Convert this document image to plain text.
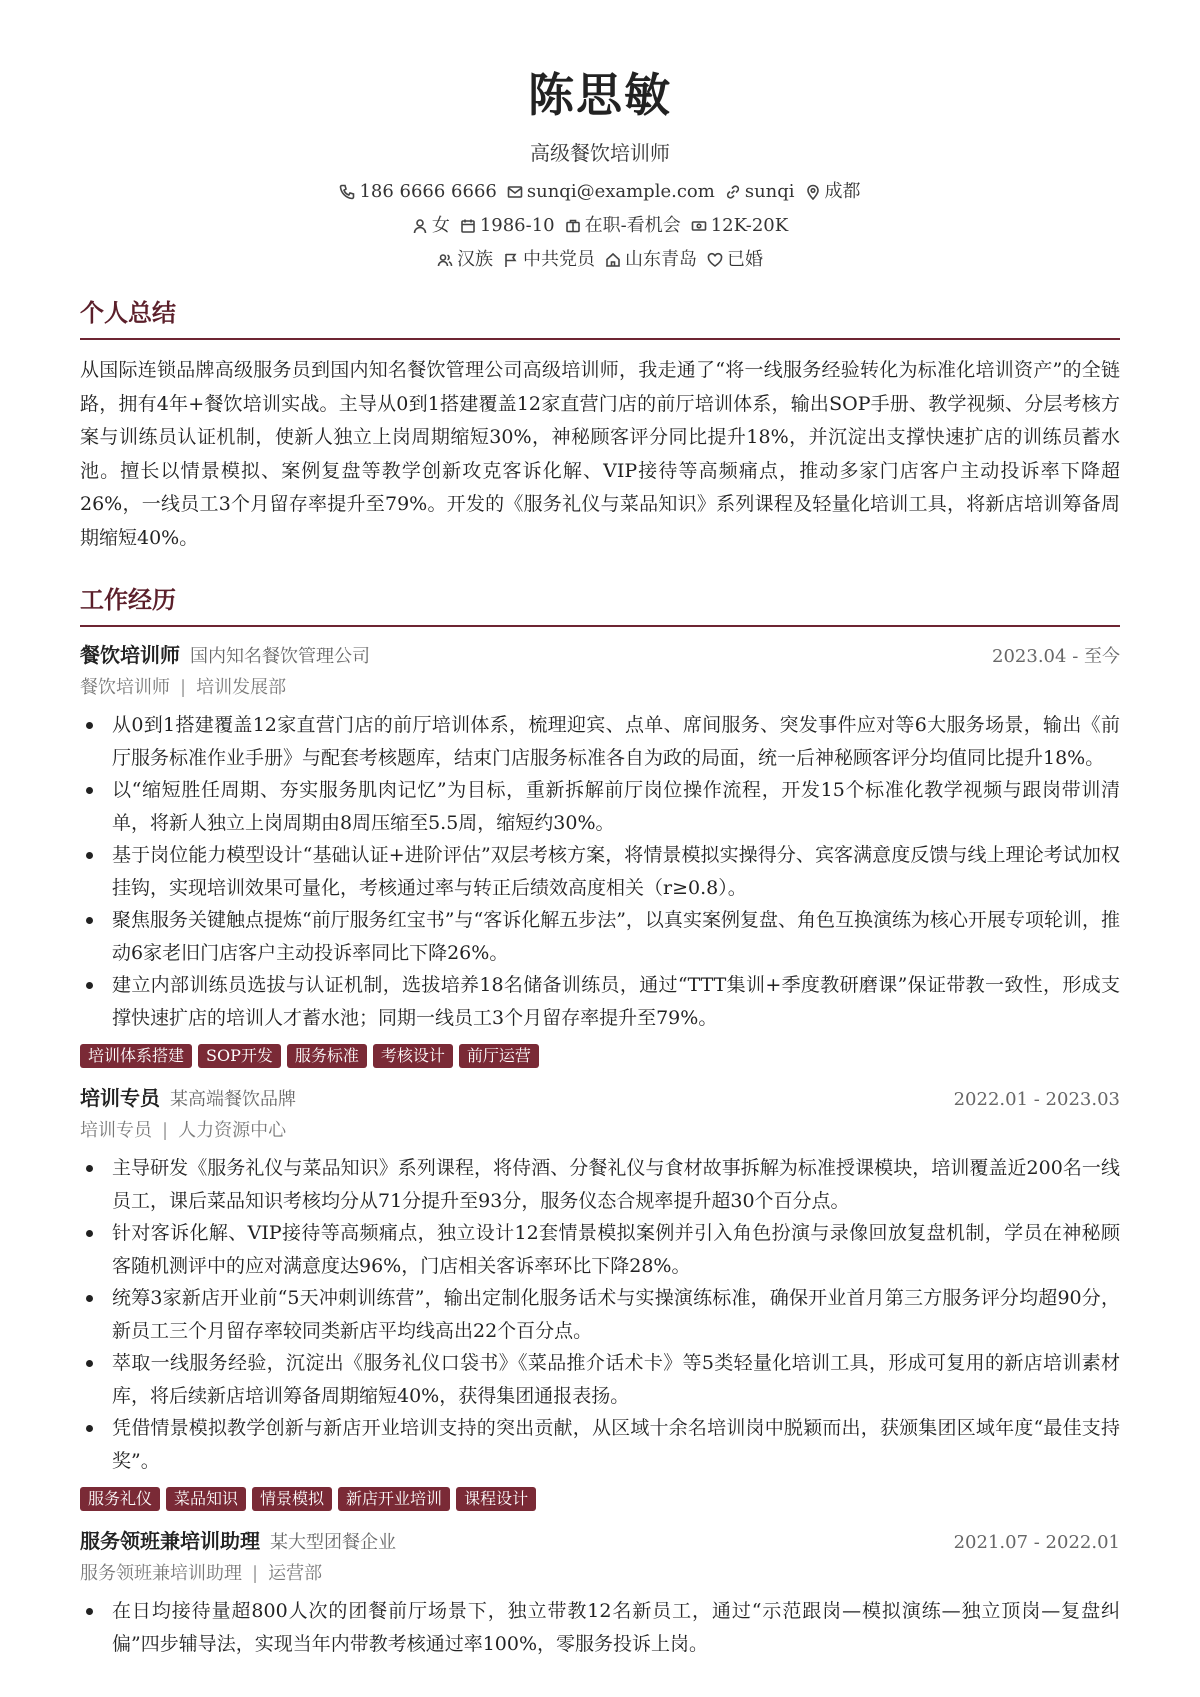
陈思敏
高级餐饮培训师
186 6666 6666 sunqi@example.com sunqi 成都
女 1986-10 在职-看机会 12K-20K
汉族 中共党员 山东青岛 已婚
个人总结

从国际连锁品牌高级服务员到国内知名餐饮管理公司高级培训师，我走通了“将一线服务经验转化为标准化培训资产”的全链路，拥有4年+餐饮培训实战。主导从0到1搭建覆盖12家直营门店的前厅培训体系，输出SOP手册、教学视频、分层考核方案与训练员认证机制，使新人独立上岗周期缩短30%，神秘顾客评分同比提升18%，并沉淀出支撑快速扩店的训练员蓄水池。擅长以情景模拟、案例复盘等教学创新攻克客诉化解、VIP接待等高频痛点，推动多家门店客户主动投诉率下降超26%，一线员工3个月留存率提升至79%。开发的《服务礼仪与菜品知识》系列课程及轻量化培训工具，将新店培训筹备周期缩短40%。

工作经历
餐饮培训师 国内知名餐饮管理公司	2023.04 - 至今
餐饮培训师 | 培训发展部
从0到1搭建覆盖12家直营门店的前厅培训体系，梳理迎宾、点单、席间服务、突发事件应对等6大服务场景，输出《前厅服务标准作业手册》与配套考核题库，结束门店服务标准各自为政的局面，统一后神秘顾客评分均值同比提升18%。
以“缩短胜任周期、夯实服务肌肉记忆”为目标，重新拆解前厅岗位操作流程，开发15个标准化教学视频与跟岗带训清单，将新人独立上岗周期由8周压缩至5.5周，缩短约30%。
基于岗位能力模型设计“基础认证+进阶评估”双层考核方案，将情景模拟实操得分、宾客满意度反馈与线上理论考试加权挂钩，实现培训效果可量化，考核通过率与转正后绩效高度相关（r≥0.8）。
聚焦服务关键触点提炼“前厅服务红宝书”与“客诉化解五步法”，以真实案例复盘、角色互换演练为核心开展专项轮训，推动6家老旧门店客户主动投诉率同比下降26%。
建立内部训练员选拔与认证机制，选拔培养18名储备训练员，通过“TTT集训+季度教研磨课”保证带教一致性，形成支撑快速扩店的培训人才蓄水池；同期一线员工3个月留存率提升至79%。
培训体系搭建	SOP开发	服务标准	考核设计	前厅运营
培训专员 某高端餐饮品牌	2022.01 - 2023.03
培训专员 | 人力资源中心
主导研发《服务礼仪与菜品知识》系列课程，将侍酒、分餐礼仪与食材故事拆解为标准授课模块，培训覆盖近200名一线员工，课后菜品知识考核均分从71分提升至93分，服务仪态合规率提升超30个百分点。
针对客诉化解、VIP接待等高频痛点，独立设计12套情景模拟案例并引入角色扮演与录像回放复盘机制，学员在神秘顾客随机测评中的应对满意度达96%，门店相关客诉率环比下降28%。
统筹3家新店开业前“5天冲刺训练营”，输出定制化服务话术与实操演练标准，确保开业首月第三方服务评分均超90分，新员工三个月留存率较同类新店平均线高出22个百分点。
萃取一线服务经验，沉淀出《服务礼仪口袋书》《菜品推介话术卡》等5类轻量化培训工具，形成可复用的新店培训素材库，将后续新店培训筹备周期缩短40%，获得集团通报表扬。
凭借情景模拟教学创新与新店开业培训支持的突出贡献，从区域十余名培训岗中脱颖而出，获颁集团区域年度“最佳支持奖”。
服务礼仪	菜品知识	情景模拟	新店开业培训	课程设计
服务领班兼培训助理 某大型团餐企业	2021.07 - 2022.01
服务领班兼培训助理 | 运营部
在日均接待量超800人次的团餐前厅场景下，独立带教12名新员工，通过“示范跟岗—模拟演练—独立顶岗—复盘纠偏”四步辅导法，实现当年内带教考核通过率100%，零服务投诉上岗。
